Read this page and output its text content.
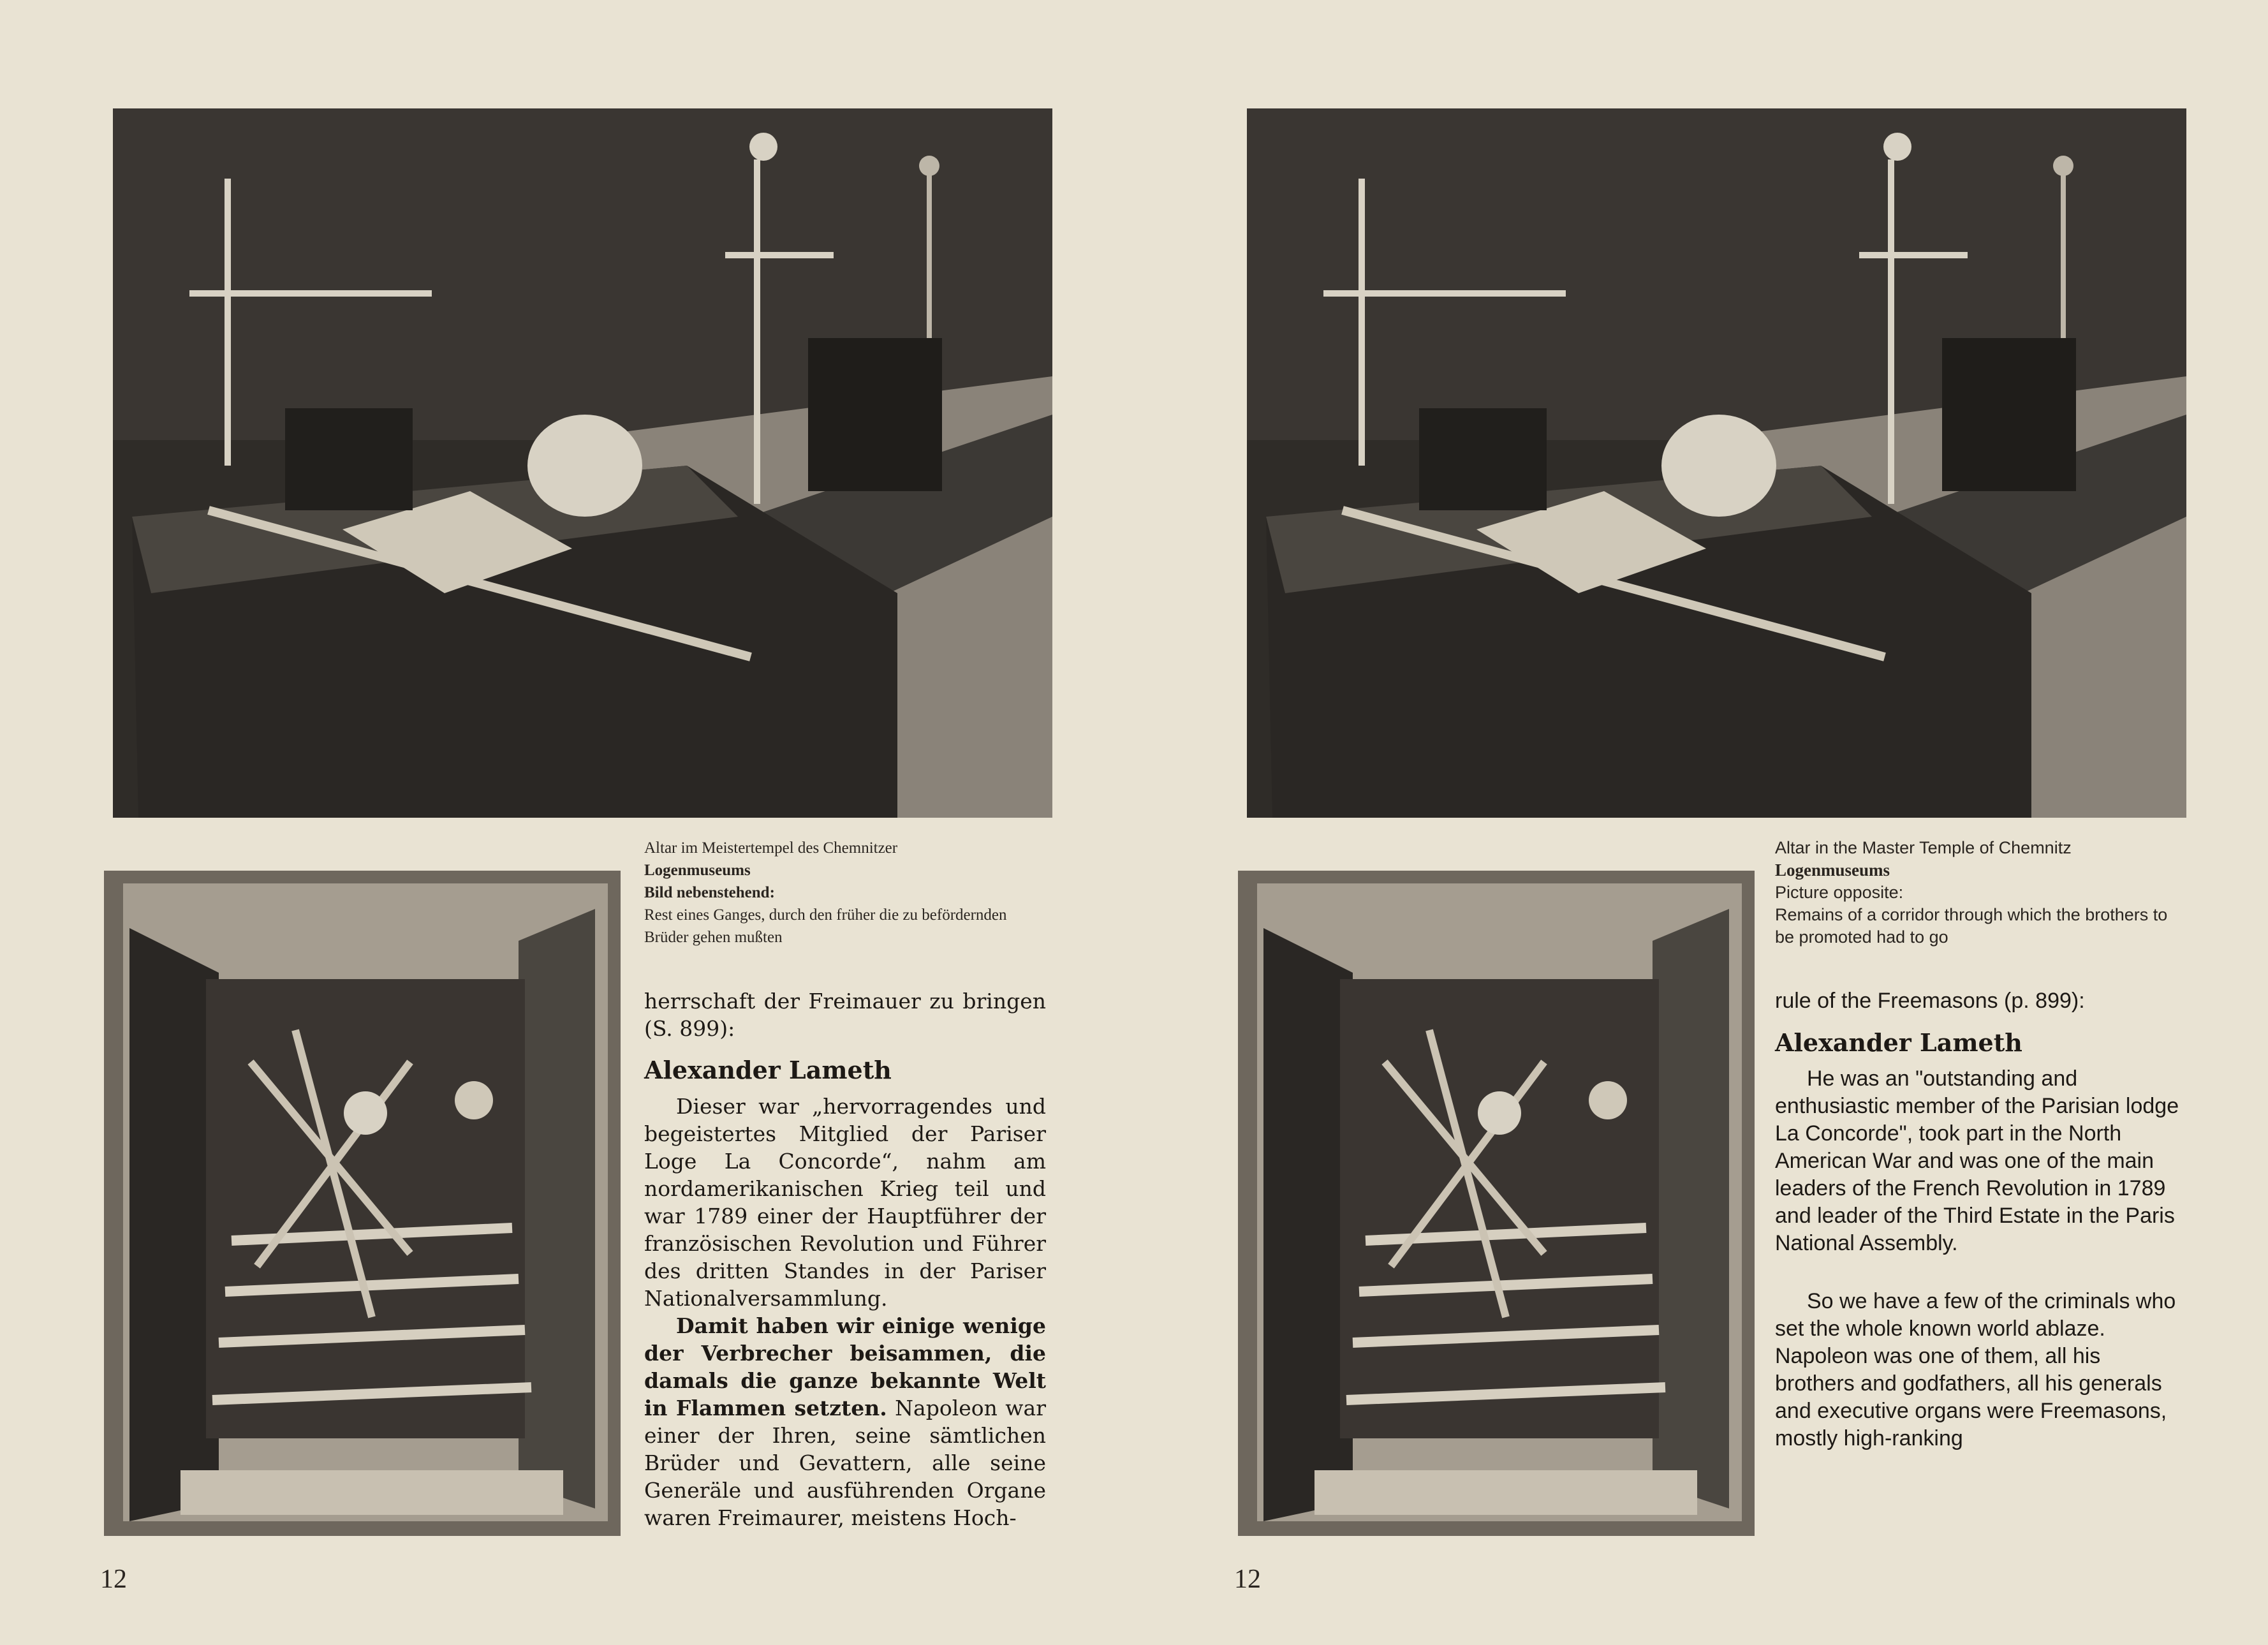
Altar im Meistertempel des Chemnitzer
Logenmuseums
Bild nebenstehend:
Rest eines Ganges, durch den früher die zu befördernden Brüder gehen mußten

herrschaft der Freimauer zu bringen (S. 899):

Alexander Lameth

Dieser war „hervorragendes und begeistertes Mitglied der Pariser Loge La Concorde“, nahm am nordamerikanischen Krieg teil und war 1789 einer der Hauptführer der französischen Revolution und Führer des dritten Standes in der Pariser Nationalversammlung.

Damit haben wir einige wenige der Verbrecher beisammen, die damals die ganze bekannte Welt in Flammen setzten. Napoleon war einer der Ihren, seine sämtlichen Brüder und Gevattern, alle seine Generäle und ausführenden Organe waren Freimaurer, meistens Hoch-

12
Altar in the Master Temple of Chemnitz
Logenmuseums
Picture opposite:
Remains of a corridor through which the brothers to be promoted had to go

rule of the Freemasons (p. 899):

Alexander Lameth

He was an "outstanding and enthusiastic member of the Parisian lodge La Concorde", took part in the North American War and was one of the main leaders of the French Revolution in 1789 and leader of the Third Estate in the Paris National Assembly.

So we have a few of the criminals who set the whole known world ablaze. Napoleon was one of them, all his brothers and godfathers, all his generals and executive organs were Freemasons, mostly high-ranking

12
